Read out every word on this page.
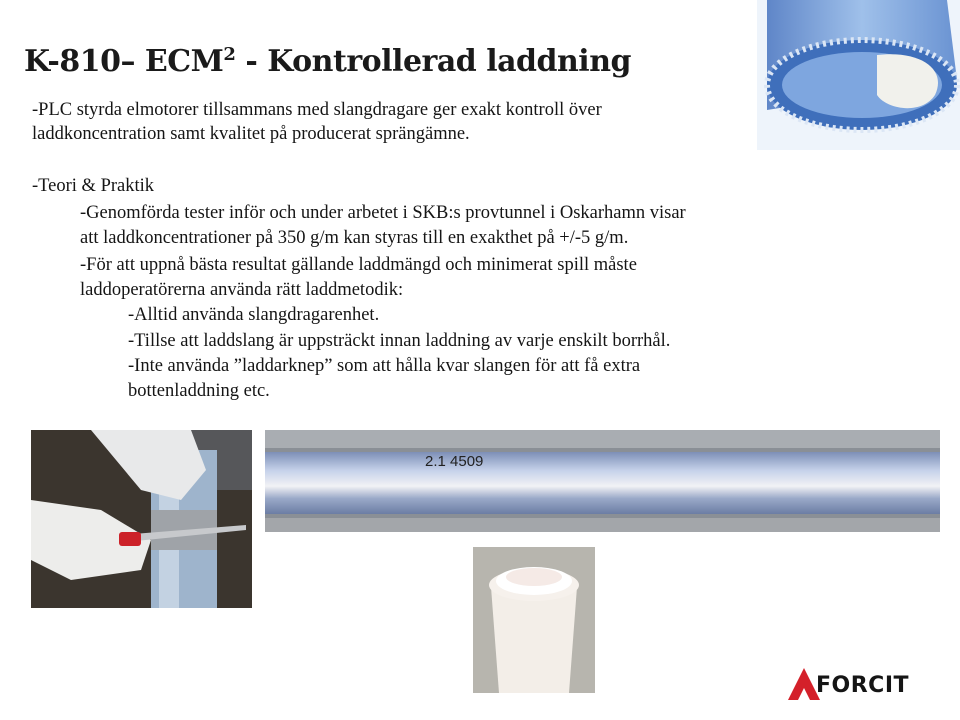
K-810– ECM$^2$ - Kontrollerad laddning
-PLC styrda elmotorer tillsammans med slangdragare ger exakt kontroll över
laddkoncentration samt kvalitet på producerat sprängämne.
-Teori & Praktik
-Genomförda tester inför och under arbetet i SKB:s provtunnel i Oskarhamn visar
att laddkoncentrationer på 350 g/m kan styras till en exakthet på +/-5 g/m.
-För att uppnå bästa resultat gällande laddmängd och minimerat spill måste
laddoperatörerna använda rätt laddmetodik:
-Alltid använda slangdragarenhet.
-Tillse att laddslang är uppsträckt innan laddning av varje enskilt borrhål.
-Inte använda ”laddarknep” som att hålla kvar slangen för att få extra
bottenladdning etc.
2.1 4509
FORCIT
